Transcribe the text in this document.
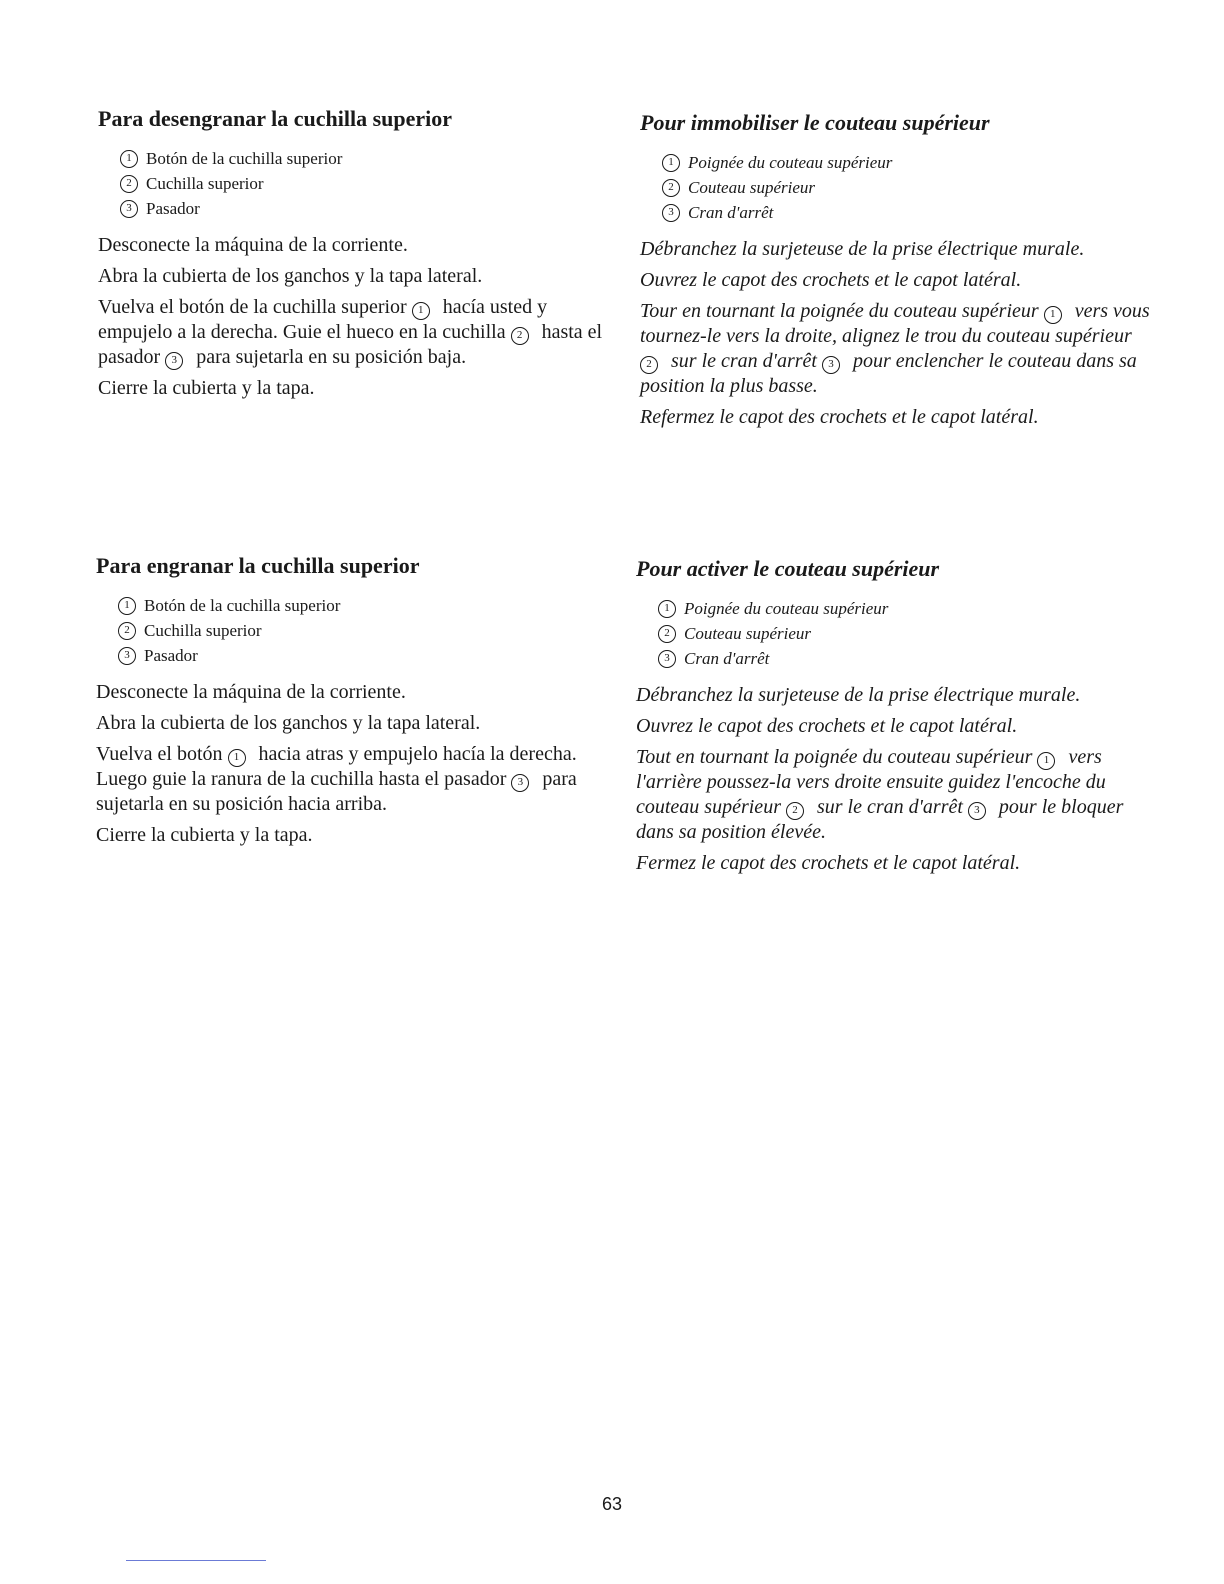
Para desengranar la cuchilla superior
1 Botón de la cuchilla superior
2 Cuchilla superior
3 Pasador

Desconecte la máquina de la corriente.

Abra la cubierta de los ganchos y la tapa lateral.

Vuelva el botón de la cuchilla superior 1 hacía usted y empujelo a la derecha. Guie el hueco en la cuchilla 2 hasta el pasador 3 para sujetarla en su posición baja.

Cierre la cubierta y la tapa.

Pour immobiliser le couteau supérieur
1 Poignée du couteau supérieur
2 Couteau supérieur
3 Cran d'arrêt

Débranchez la surjeteuse de la prise électrique murale.

Ouvrez le capot des crochets et le capot latéral.

Tour en tournant la poignée du couteau supérieur 1 vers vous tournez-le vers la droite, alignez le trou du couteau supérieur 2 sur le cran d'arrêt 3 pour enclencher le couteau dans sa position la plus basse.

Refermez le capot des crochets et le capot latéral.

Para engranar la cuchilla superior
1 Botón de la cuchilla superior
2 Cuchilla superior
3 Pasador

Desconecte la máquina de la corriente.

Abra la cubierta de los ganchos y la tapa lateral.

Vuelva el botón 1 hacia atras y empujelo hacía la derecha. Luego guie la ranura de la cuchilla hasta el pasador 3 para sujetarla en su posición hacia arriba.

Cierre la cubierta y la tapa.

Pour activer le couteau supérieur
1 Poignée du couteau supérieur
2 Couteau supérieur
3 Cran d'arrêt

Débranchez la surjeteuse de la prise électrique murale.

Ouvrez le capot des crochets et le capot latéral.

Tout en tournant la poignée du couteau supérieur 1 vers l'arrière poussez-la vers droite ensuite guidez l'encoche du couteau supérieur 2 sur le cran d'arrêt 3 pour le bloquer dans sa position élevée.

Fermez le capot des crochets et le capot latéral.

63
